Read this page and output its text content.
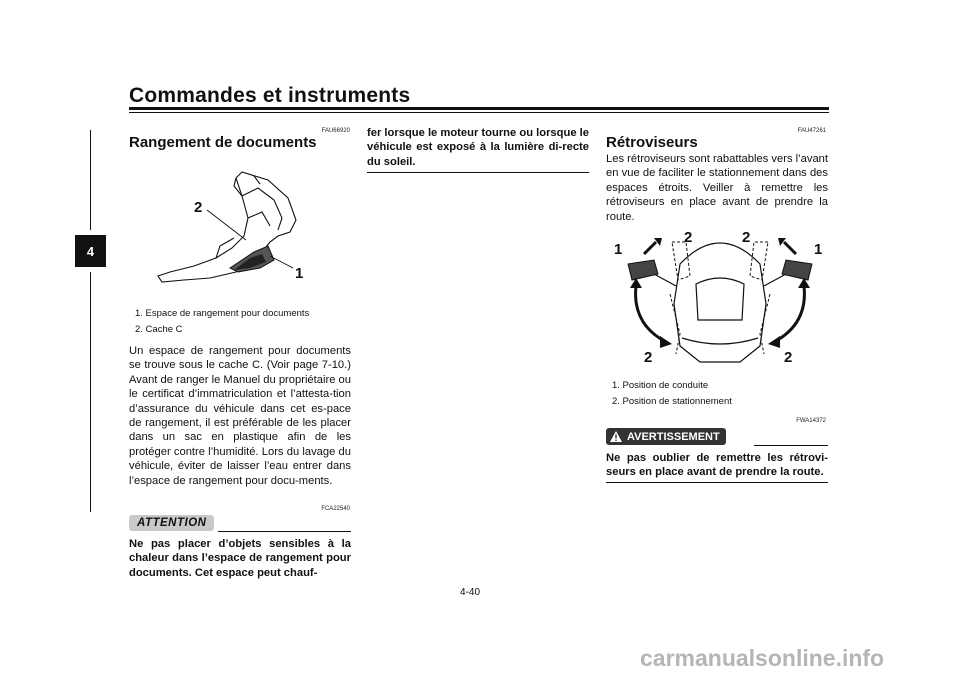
Commandes et instruments
4
FAU66920
Rangement de documents
2
1
1. Espace de rangement pour documents
2. Cache C
Un espace de rangement pour documents se trouve sous le cache C. (Voir page 7-10.) Avant de ranger le Manuel du propriétaire ou le certificat d’immatriculation et l’attesta-tion d’assurance du véhicule dans cet es-pace de rangement, il est préférable de les placer dans un sac en plastique afin de les protéger contre l’humidité. Lors du lavage du véhicule, éviter de laisser l’eau entrer dans l’espace de rangement pour docu-ments.
FCA22540
ATTENTION
Ne pas placer d’objets sensibles à la chaleur dans l’espace de rangement pour documents. Cet espace peut chauf-
fer lorsque le moteur tourne ou lorsque le véhicule est exposé à la lumière di-recte du soleil.
FAU47261
Rétroviseurs
Les rétroviseurs sont rabattables vers l’avant en vue de faciliter le stationnement dans des espaces étroits. Veiller à remettre les rétroviseurs en place avant de prendre la route.
1
2	2
1
2	2
1. Position de conduite
2. Position de stationnement
FWA14372
AVERTISSEMENT
Ne pas oublier de remettre les rétrovi-seurs en place avant de prendre la route.
4-40
carmanualsonline.info
